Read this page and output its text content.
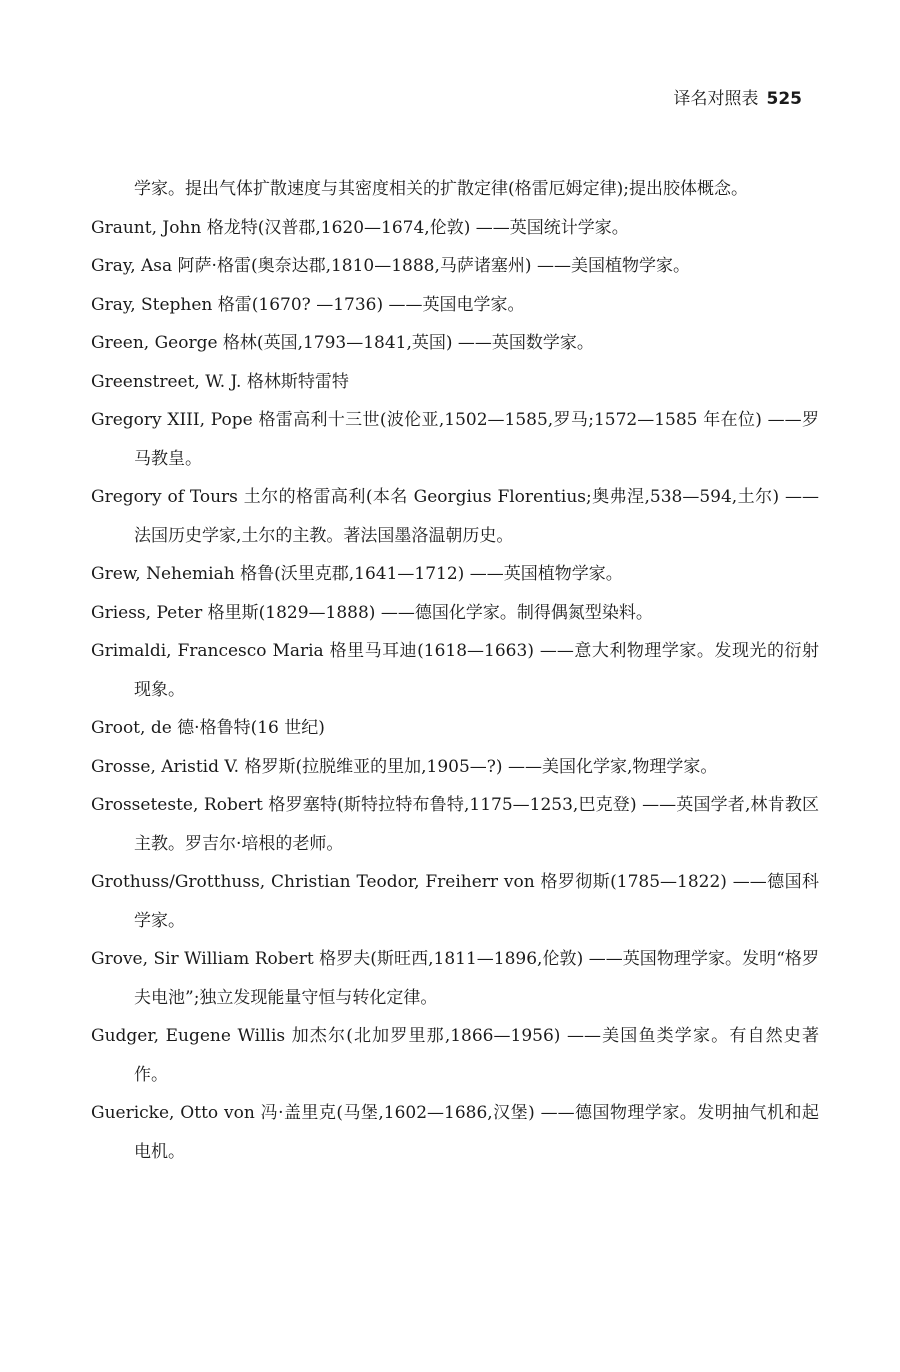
译名对照表 525
学家。提出气体扩散速度与其密度相关的扩散定律(格雷厄姆定律);提出胶体概念。
Graunt, John 格龙特(汉普郡,1620—1674,伦敦) ——英国统计学家。
Gray, Asa 阿萨·格雷(奥奈达郡,1810—1888,马萨诸塞州) ——美国植物学家。
Gray, Stephen 格雷(1670? —1736) ——英国电学家。
Green, George 格林(英国,1793—1841,英国) ——英国数学家。
Greenstreet, W. J. 格林斯特雷特
Gregory XIII, Pope 格雷高利十三世(波伦亚,1502—1585,罗马;1572—1585 年在位) ——罗马教皇。
Gregory of Tours 土尔的格雷高利(本名 Georgius Florentius;奥弗涅,538—594,土尔) ——法国历史学家,土尔的主教。著法国墨洛温朝历史。
Grew, Nehemiah 格鲁(沃里克郡,1641—1712) ——英国植物学家。
Griess, Peter 格里斯(1829—1888) ——德国化学家。制得偶氮型染料。
Grimaldi, Francesco Maria 格里马耳迪(1618—1663) ——意大利物理学家。发现光的衍射现象。
Groot, de 德·格鲁特(16 世纪)
Grosse, Aristid V. 格罗斯(拉脱维亚的里加,1905—?) ——美国化学家,物理学家。
Grosseteste, Robert 格罗塞特(斯特拉特布鲁特,1175—1253,巴克登) ——英国学者,林肯教区主教。罗吉尔·培根的老师。
Grothuss/Grotthuss, Christian Teodor, Freiherr von 格罗彻斯(1785—1822) ——德国科学家。
Grove, Sir William Robert 格罗夫(斯旺西,1811—1896,伦敦) ——英国物理学家。发明“格罗夫电池”;独立发现能量守恒与转化定律。
Gudger, Eugene Willis 加杰尔(北加罗里那,1866—1956) ——美国鱼类学家。有自然史著作。
Guericke, Otto von 冯·盖里克(马堡,1602—1686,汉堡) ——德国物理学家。发明抽气机和起电机。
